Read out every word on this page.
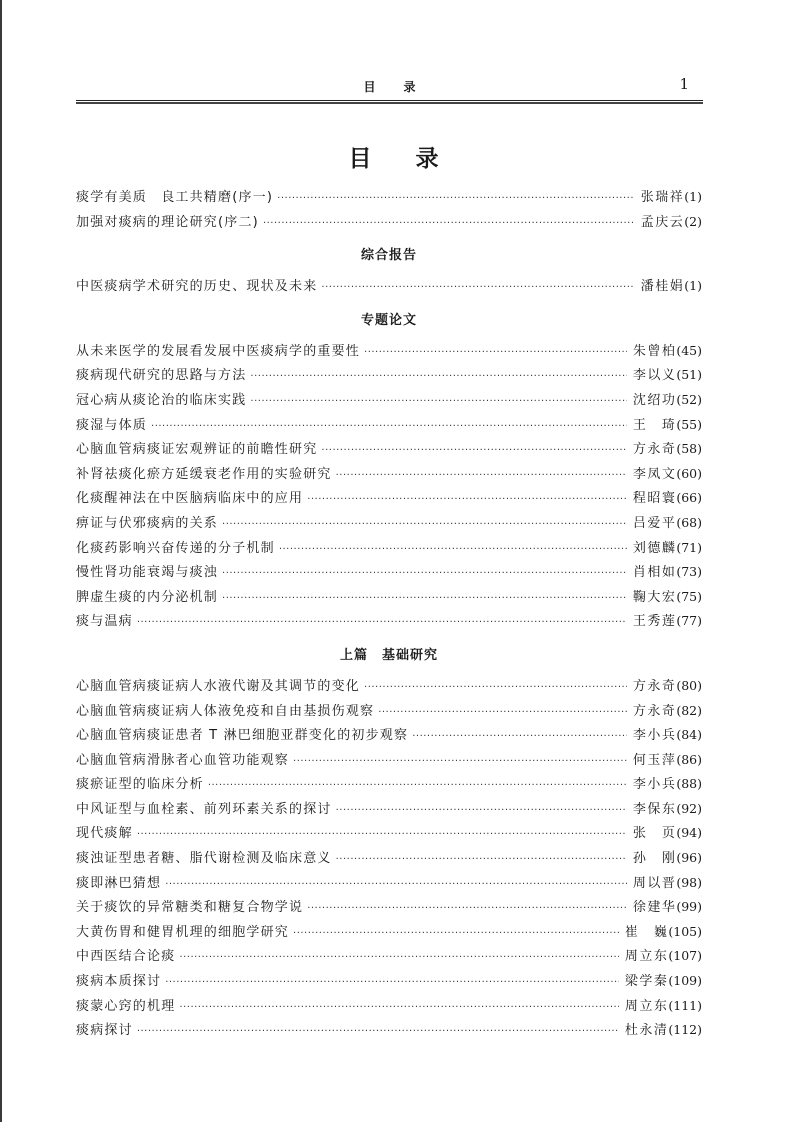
目录	1
目录
痰学有美质　良工共精磨(序一) ·····	张瑞祥 (1)
加强对痰病的理论研究(序二) ·····	孟庆云 (2)
综合报告
中医痰病学术研究的历史、现状及未来 ·····	潘桂娟 (1)
专题论文
从未来医学的发展看发展中医痰病学的重要性 ·····	朱曾柏 (45)
痰病现代研究的思路与方法 ·····	李以义 (51)
冠心病从痰论治的临床实践 ·····	沈绍功 (52)
痰湿与体质 ·····	王　琦 (55)
心脑血管病痰证宏观辨证的前瞻性研究 ·····	方永奇 (58)
补肾祛痰化瘀方延缓衰老作用的实验研究 ·····	李凤文 (60)
化痰醒神法在中医脑病临床中的应用 ·····	程昭寰 (66)
痹证与伏邪痰病的关系 ·····	吕爱平 (68)
化痰药影响兴奋传递的分子机制 ·····	刘德麟 (71)
慢性肾功能衰竭与痰浊 ·····	肖相如 (73)
脾虚生痰的内分泌机制 ·····	鞠大宏 (75)
痰与温病 ·····	王秀莲 (77)
上篇　基础研究
心脑血管病痰证病人水液代谢及其调节的变化 ·····	方永奇 (80)
心脑血管病痰证病人体液免疫和自由基损伤观察 ·····	方永奇 (82)
心脑血管病痰证患者 T 淋巴细胞亚群变化的初步观察 ·····	李小兵 (84)
心脑血管病滑脉者心血管功能观察 ·····	何玉萍 (86)
痰瘀证型的临床分析 ·····	李小兵 (88)
中风证型与血栓素、前列环素关系的探讨 ·····	李保东 (92)
现代痰解 ·····	张　页 (94)
痰浊证型患者糖、脂代谢检测及临床意义 ·····	孙　刚 (96)
痰即淋巴猜想 ·····	周以晋 (98)
关于痰饮的异常糖类和糖复合物学说 ·····	徐建华 (99)
大黄伤胃和健胃机理的细胞学研究 ·····	崔　巍 (105)
中西医结合论痰 ·····	周立东 (107)
痰病本质探讨 ·····	梁学秦 (109)
痰蒙心窍的机理 ·····	周立东 (111)
痰病探讨 ·····	杜永清 (112)
